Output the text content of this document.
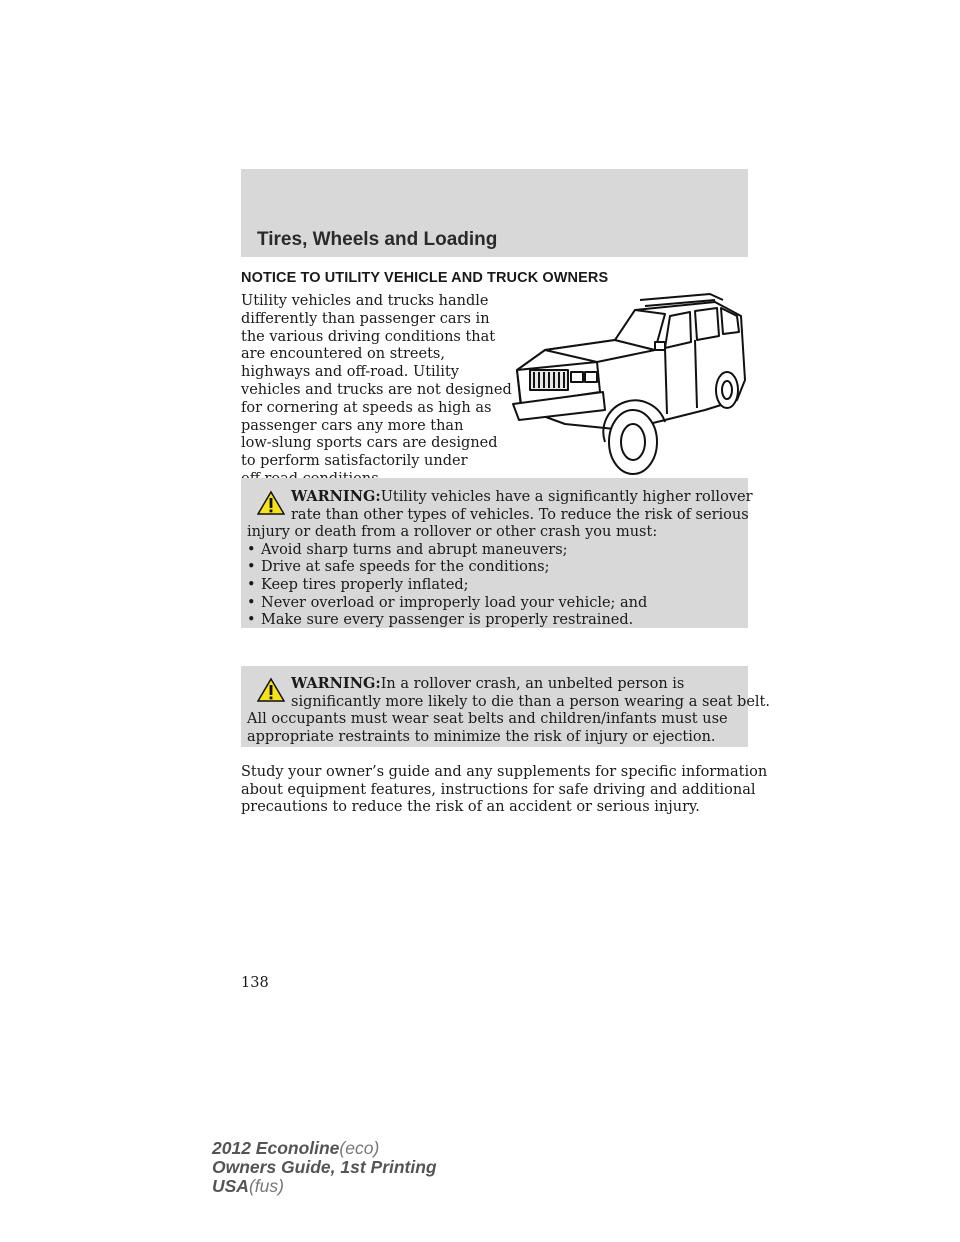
Tires, Wheels and Loading
NOTICE TO UTILITY VEHICLE AND TRUCK OWNERS
Utility vehicles and trucks handle
differently than passenger cars in
the various driving conditions that
are encountered on streets,
highways and off-road. Utility
vehicles and trucks are not designed
for cornering at speeds as high as
passenger cars any more than
low-slung sports cars are designed
to perform satisfactorily under
WARNING:Utility vehicles have a significantly higher rollover
rate than other types of vehicles. To reduce the risk of serious
injury or death from a rollover or other crash you must:
• Avoid sharp turns and abrupt maneuvers;
• Drive at safe speeds for the conditions;
• Keep tires properly inflated;
• Never overload or improperly load your vehicle; and
• Make sure every passenger is properly restrained.
WARNING:In a rollover crash, an unbelted person is
significantly more likely to die than a person wearing a seat belt.
All occupants must wear seat belts and children/infants must use
appropriate restraints to minimize the risk of injury or ejection.
Study your owner’s guide and any supplements for specific information
about equipment features, instructions for safe driving and additional
precautions to reduce the risk of an accident or serious injury.
138
2012 Econoline(eco)
Owners Guide, 1st Printing
USA(fus)
